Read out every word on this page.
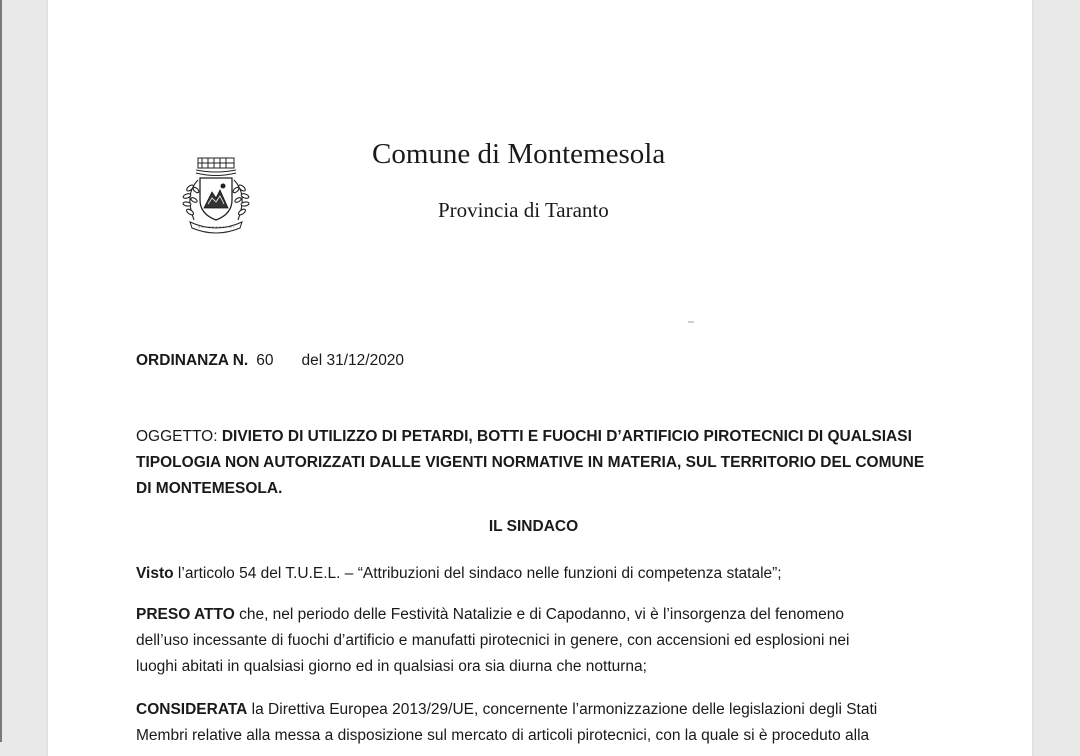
Comune di Montemesola
Provincia di Taranto
ORDINANZA N. 60 del 31/12/2020
OGGETTO: DIVIETO DI UTILIZZO DI PETARDI, BOTTI E FUOCHI D’ARTIFICIO PIROTECNICI DI QUALSIASI
TIPOLOGIA NON AUTORIZZATI DALLE VIGENTI NORMATIVE IN MATERIA, SUL TERRITORIO DEL COMUNE
DI MONTEMESOLA.
IL SINDACO
Visto l’articolo 54 del T.U.E.L. – “Attribuzioni del sindaco nelle funzioni di competenza statale”;
PRESO ATTO che, nel periodo delle Festività Natalizie e di Capodanno, vi è l’insorgenza del fenomeno
dell’uso incessante di fuochi d’artificio e manufatti pirotecnici in genere, con accensioni ed esplosioni nei
luoghi abitati in qualsiasi giorno ed in qualsiasi ora sia diurna che notturna;
CONSIDERATA la Direttiva Europea 2013/29/UE, concernente l’armonizzazione delle legislazioni degli Stati
Membri relative alla messa a disposizione sul mercato di articoli pirotecnici, con la quale si è proceduto alla
